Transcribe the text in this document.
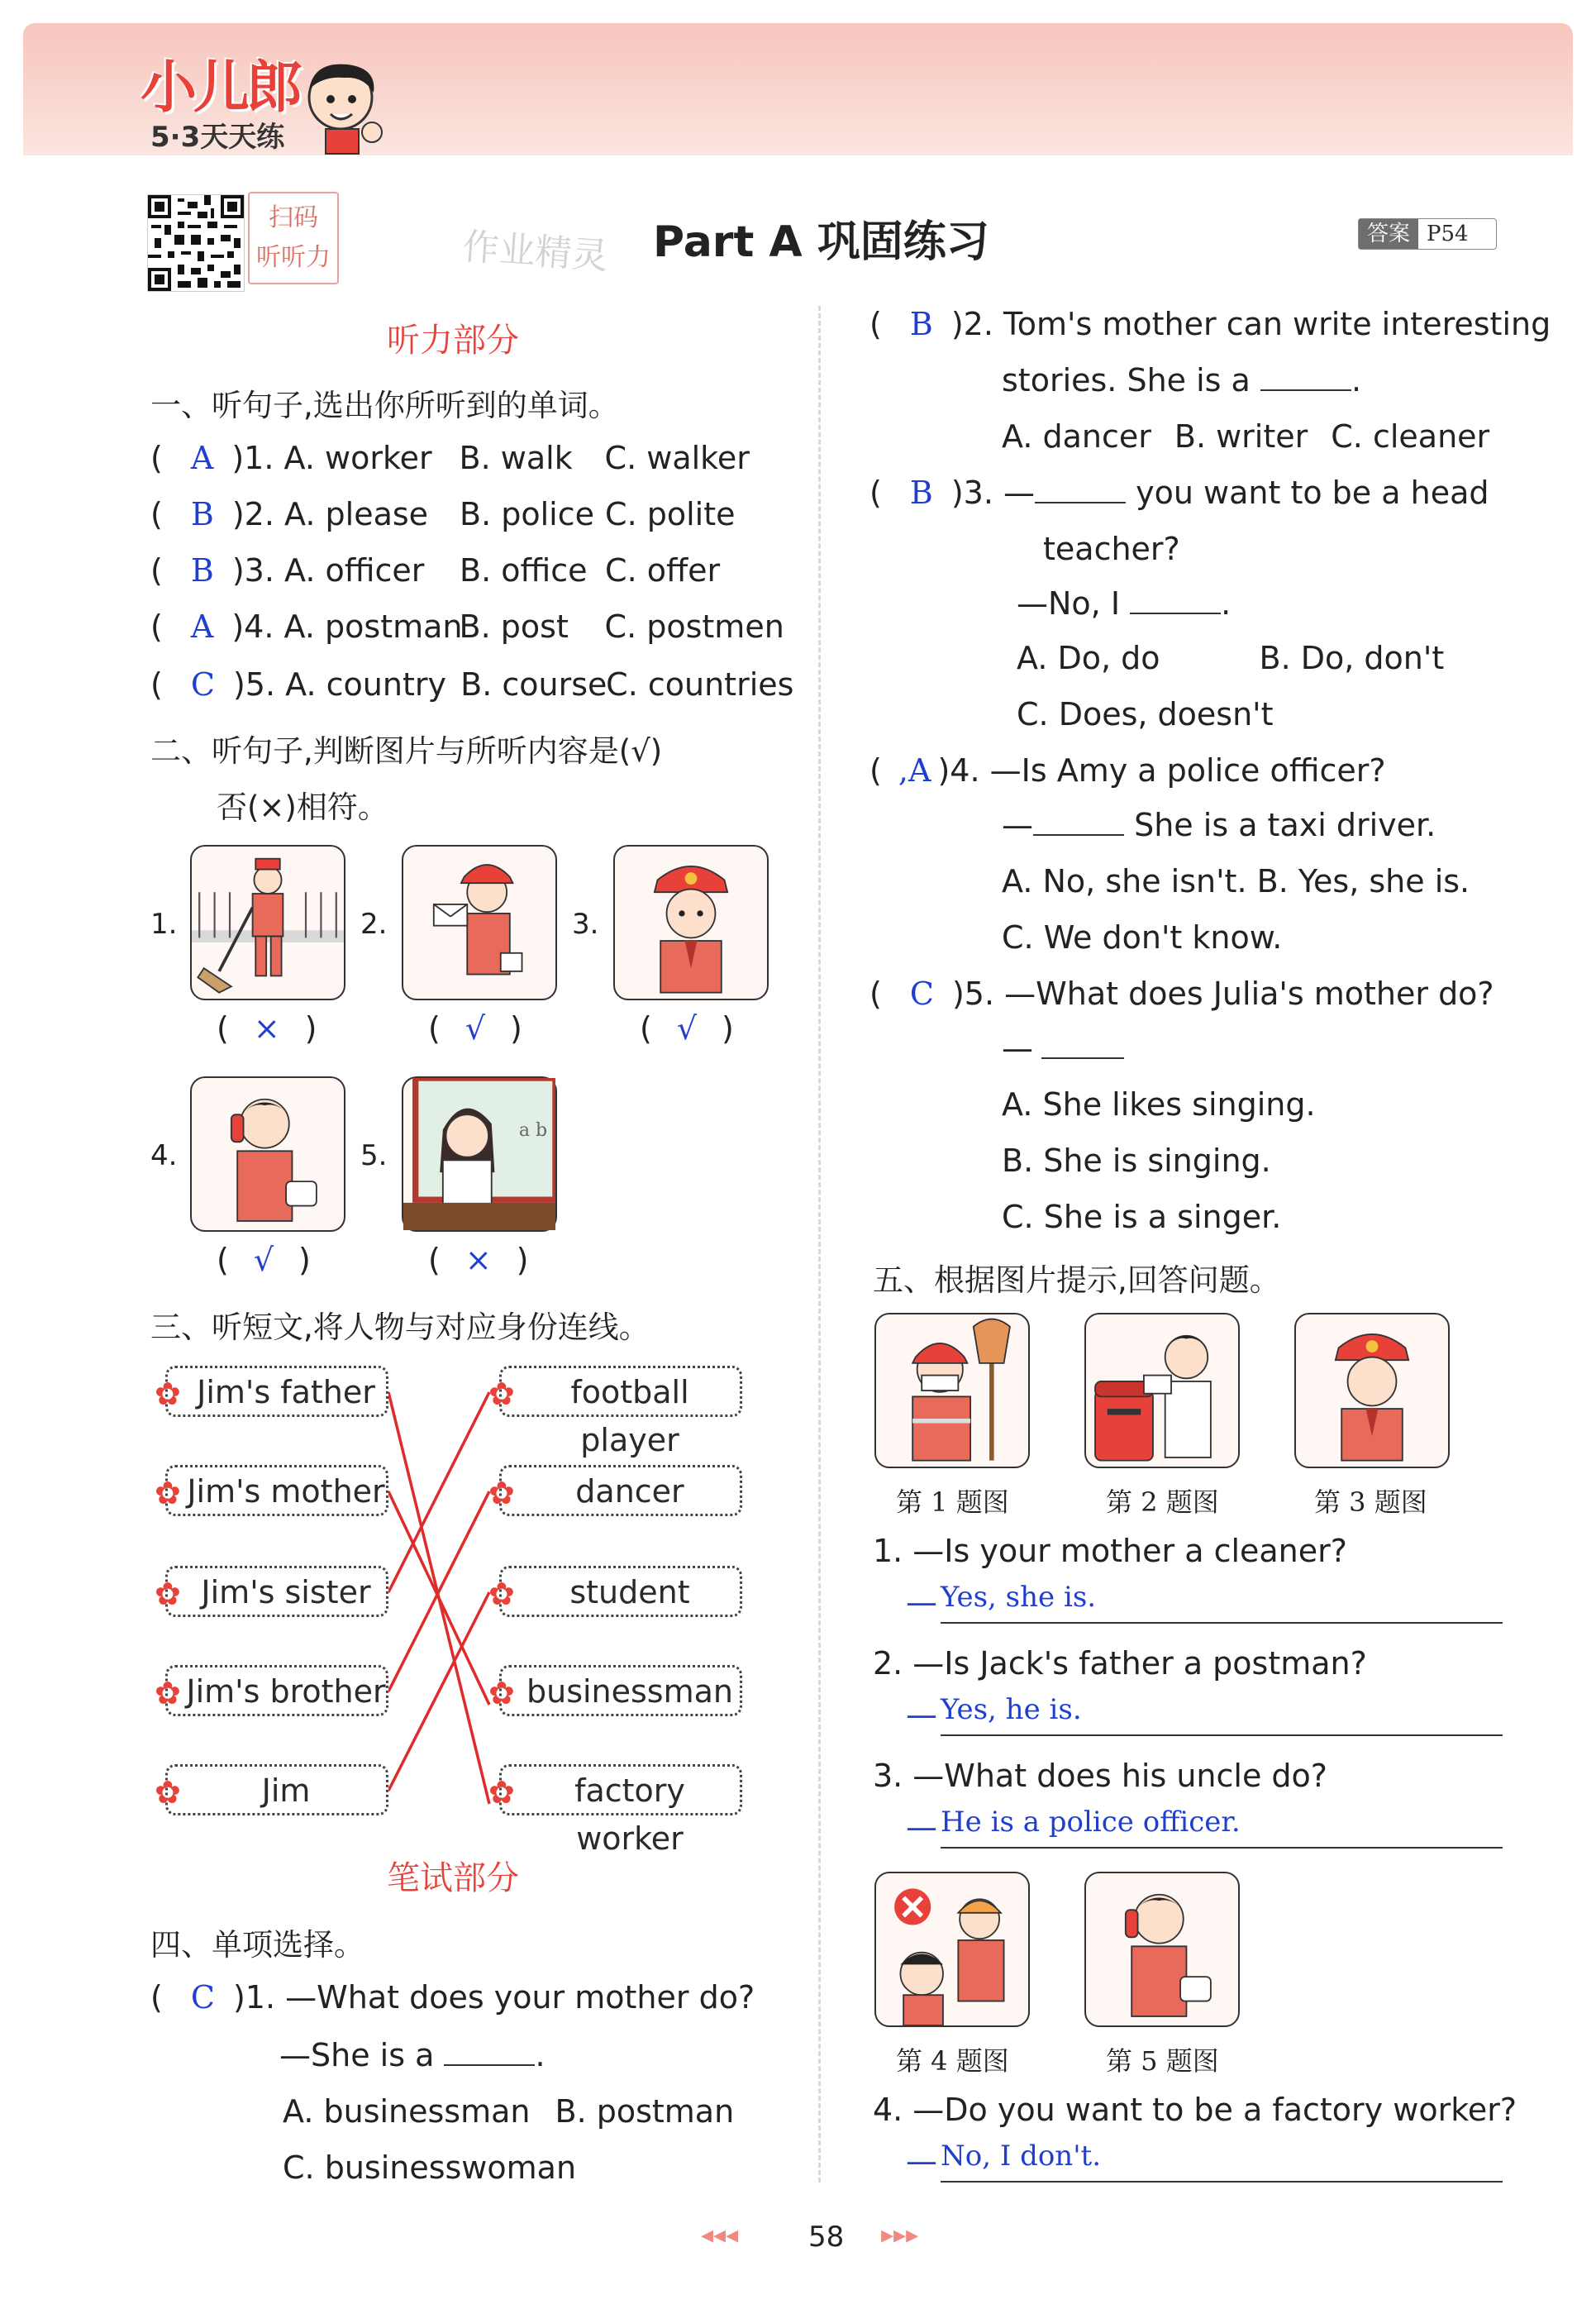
小儿郎
5·3天天练
扫码
听听力	作业精灵 Part A 巩固练习	答案 P54
听力部分
一、听句子,选出你所听到的单词。
( A )1. A. worker B. walk C. walker
( B )2. A. please B. police C. polite
( B )3. A. officer B. office C. offer
( A )4. A. postmanB. post C. postmen
( C )5. A. country B. courseC. countries
二、听句子,判断图片与所听内容是(√)
否(×)相符。
1.	2.	3.
( × )	( √ )	( √ )
4.	5.
a b
( √ )	( × )
三、听短文,将人物与对应身份连线。
✿ Jim's father
✿ Jim's mother
✿ Jim's sister
✿ Jim's brother
✿	Jim
✿	football player
✿	dancer
✿	student
✿ businessman
✿	factory worker
笔试部分
四、单项选择。
( C )1. —What does your mother do?
—She is a	.
A. businessman B. postman
C. businesswoman
( B )2. Tom's mother can write interesting
stories. She is a	.
A. dancer B. writer C. cleaner
( B )3. —	you want to be a head
teacher?
—No, I	.
A. Do, do	B. Do, don't
C. Does, doesn't
( ,A )4. —Is Amy a police officer?
—	She is a taxi driver.
A. No, she isn't. B. Yes, she is.
C. We don't know.
( C )5. —What does Julia's mother do?
—
A. She likes singing.
B. She is singing.
C. She is a singer.
五、根据图片提示,回答问题。
第 1 题图	第 2 题图	第 3 题图
1. —Is your mother a cleaner?
— Yes, she is.
2. —Is Jack's father a postman?
— Yes, he is.
3. —What does his uncle do?
— He is a police officer.
4. —Do you want to be a factory worker?
— No, I don't.
第 4 题图	第 5 题图
◂◂◂ 58 ▸▸▸
